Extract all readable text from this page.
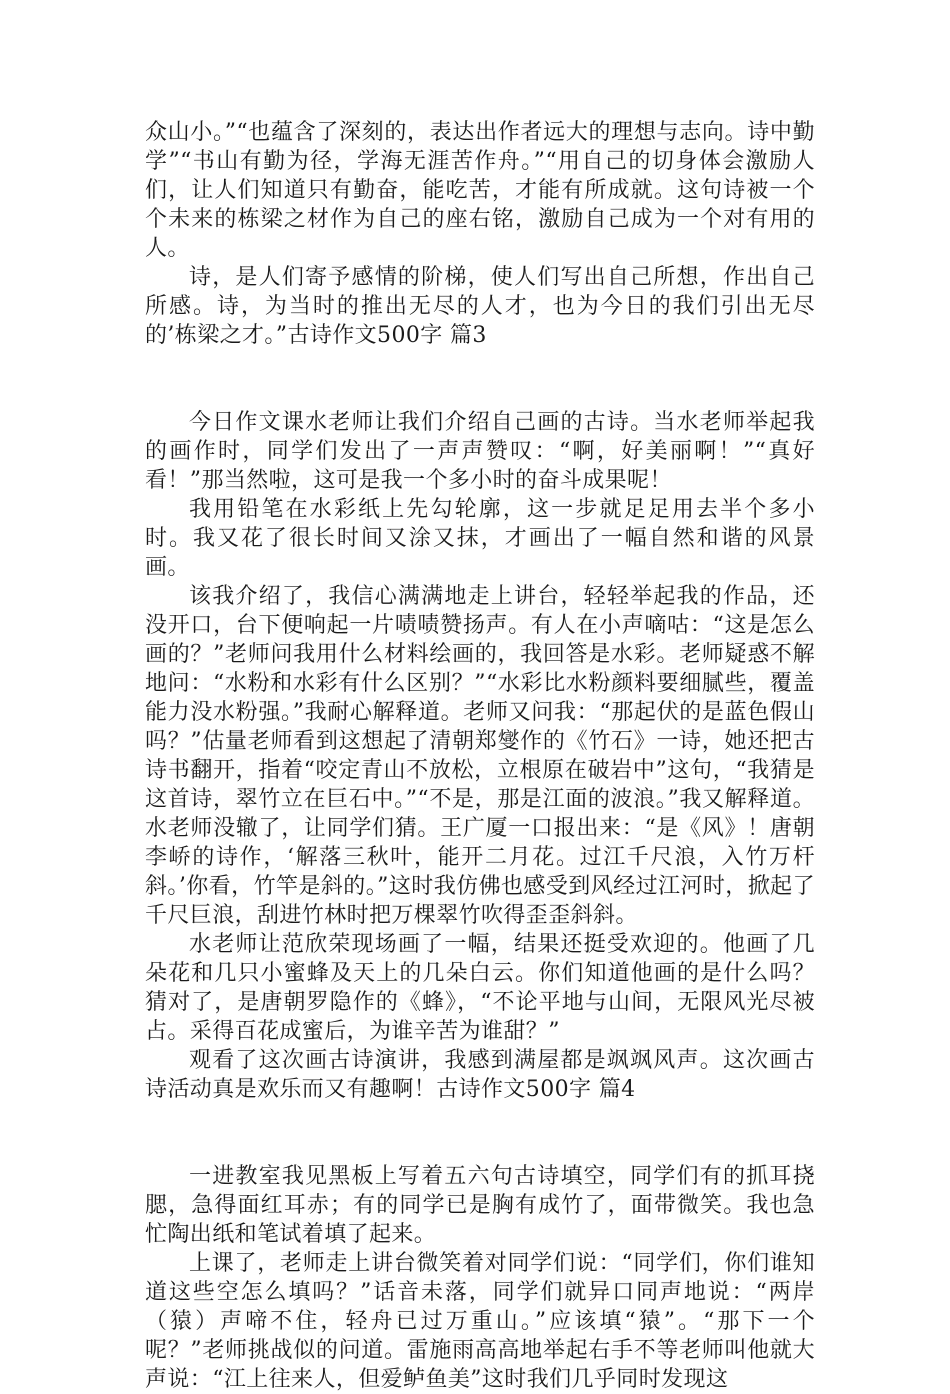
众山小。”“也蕴含了深刻的，表达出作者远大的理想与志向。诗中勤学”“书山有勤为径，学海无涯苦作舟。”“用自己的切身体会激励人们，让人们知道只有勤奋，能吃苦，才能有所成就。这句诗被一个个未来的栋梁之材作为自己的座右铭，激励自己成为一个对有用的人。

诗，是人们寄予感情的阶梯，使人们写出自己所想，作出自己所感。诗，为当时的推出无尽的人才，也为今日的我们引出无尽的’栋梁之才。”古诗作文500字 篇3

今日作文课水老师让我们介绍自己画的古诗。当水老师举起我的画作时，同学们发出了一声声赞叹：“啊，好美丽啊！”“真好看！”那当然啦，这可是我一个多小时的奋斗成果呢！

我用铅笔在水彩纸上先勾轮廓，这一步就足足用去半个多小时。我又花了很长时间又涂又抹，才画出了一幅自然和谐的风景画。

该我介绍了，我信心满满地走上讲台，轻轻举起我的作品，还没开口，台下便响起一片啧啧赞扬声。有人在小声嘀咕：“这是怎么画的？”老师问我用什么材料绘画的，我回答是水彩。老师疑惑不解地问：“水粉和水彩有什么区别？”“水彩比水粉颜料要细腻些，覆盖能力没水粉强。”我耐心解释道。老师又问我：“那起伏的是蓝色假山吗？”估量老师看到这想起了清朝郑燮作的《竹石》一诗，她还把古诗书翻开，指着“咬定青山不放松，立根原在破岩中”这句，“我猜是这首诗，翠竹立在巨石中。”“不是，那是江面的波浪。”我又解释道。水老师没辙了，让同学们猜。王广厦一口报出来：“是《风》！唐朝李峤的诗作，‘解落三秋叶，能开二月花。过江千尺浪，入竹万杆斜。’你看，竹竿是斜的。”这时我仿佛也感受到风经过江河时，掀起了千尺巨浪，刮进竹林时把万棵翠竹吹得歪歪斜斜。

水老师让范欣荣现场画了一幅，结果还挺受欢迎的。他画了几朵花和几只小蜜蜂及天上的几朵白云。你们知道他画的是什么吗？猜对了，是唐朝罗隐作的《蜂》，“不论平地与山间，无限风光尽被占。采得百花成蜜后，为谁辛苦为谁甜？”

观看了这次画古诗演讲，我感到满屋都是飒飒风声。这次画古诗活动真是欢乐而又有趣啊！古诗作文500字 篇4

一进教室我见黑板上写着五六句古诗填空，同学们有的抓耳挠腮，急得面红耳赤；有的同学已是胸有成竹了，面带微笑。我也急忙陶出纸和笔试着填了起来。

上课了，老师走上讲台微笑着对同学们说：“同学们，你们谁知道这些空怎么填吗？”话音未落，同学们就异口同声地说：“两岸（猿）声啼不住，轻舟已过万重山。”应该填“猿”。“那下一个呢？”老师挑战似的问道。雷施雨高高地举起右手不等老师叫他就大声说：“江上往来人，但爱鲈鱼美”这时我们几乎同时发现这
